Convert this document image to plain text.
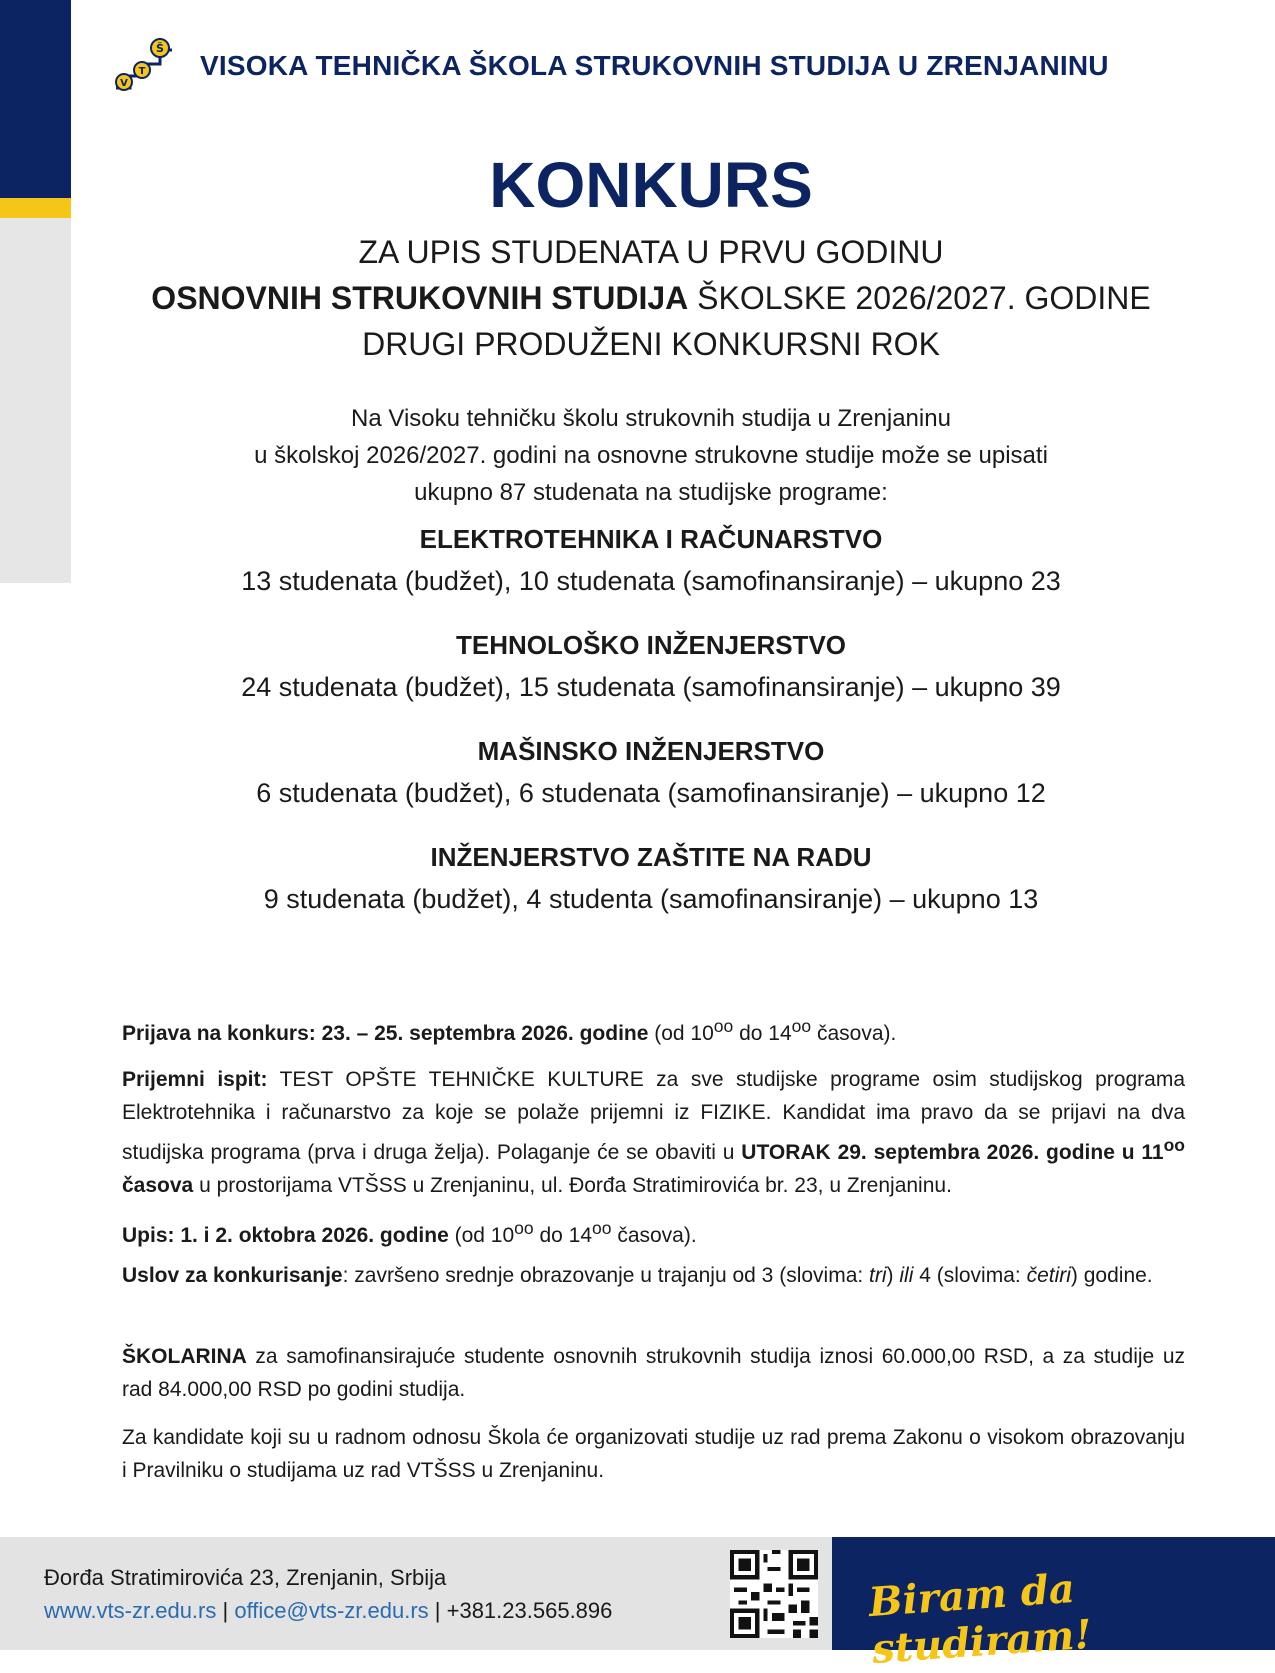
V
T
Š
VISOKA TEHNIČKA ŠKOLA STRUKOVNIH STUDIJA U ZRENJANINU
KONKURS
ZA UPIS STUDENATA U PRVU GODINU
OSNOVNIH STRUKOVNIH STUDIJA ŠKOLSKE 2026/2027. GODINE
DRUGI PRODUŽENI KONKURSNI ROK
Na Visoku tehničku školu strukovnih studija u Zrenjaninu
u školskoj 2026/2027. godini na osnovne strukovne studije može se upisati
ukupno 87 studenata na studijske programe:
ELEKTROTEHNIKA I RAČUNARSTVO
13 studenata (budžet), 10 studenata (samofinansiranje) – ukupno 23
TEHNOLOŠKO INŽENJERSTVO
24 studenata (budžet), 15 studenata (samofinansiranje) – ukupno 39
MAŠINSKO INŽENJERSTVO
6 studenata (budžet), 6 studenata (samofinansiranje) – ukupno 12
INŽENJERSTVO ZAŠTITE NA RADU
9 studenata (budžet), 4 studenta (samofinansiranje) – ukupno 13
Prijava na konkurs: 23. – 25. septembra 2026. godine (od $10^{oo}$ do $14^{oo}$ časova).
Prijemni ispit: TEST OPŠTE TEHNIČKE KULTURE za sve studijske programe osim studijskog programa Elektrotehnika i računarstvo za koje se polaže prijemni iz FIZIKE. Kandidat ima pravo da se prijavi na dva studijska programa (prva i druga želja). Polaganje će se obaviti u UTORAK 29. septembra 2026. godine u $11^{oo}$ časova u prostorijama VTŠSS u Zrenjaninu, ul. Đorđa Stratimirovića br. 23, u Zrenjaninu.
Upis: 1. i 2. oktobra 2026. godine (od $10^{oo}$ do $14^{oo}$ časova).
Uslov za konkurisanje: završeno srednje obrazovanje u trajanju od 3 (slovima: tri) ili 4 (slovima: četiri) godine.
ŠKOLARINA za samofinansirajuće studente osnovnih strukovnih studija iznosi 60.000,00 RSD, a za studije uz rad 84.000,00 RSD po godini studija.
Za kandidate koji su u radnom odnosu Škola će organizovati studije uz rad prema Zakonu o visokom obrazovanju i Pravilniku o studijama uz rad VTŠSS u Zrenjaninu.
Đorđa Stratimirovića 23, Zrenjanin, Srbija
www.vts-zr.edu.rs | office@vts-zr.edu.rs | +381.23.565.896	Biram da studiram!
